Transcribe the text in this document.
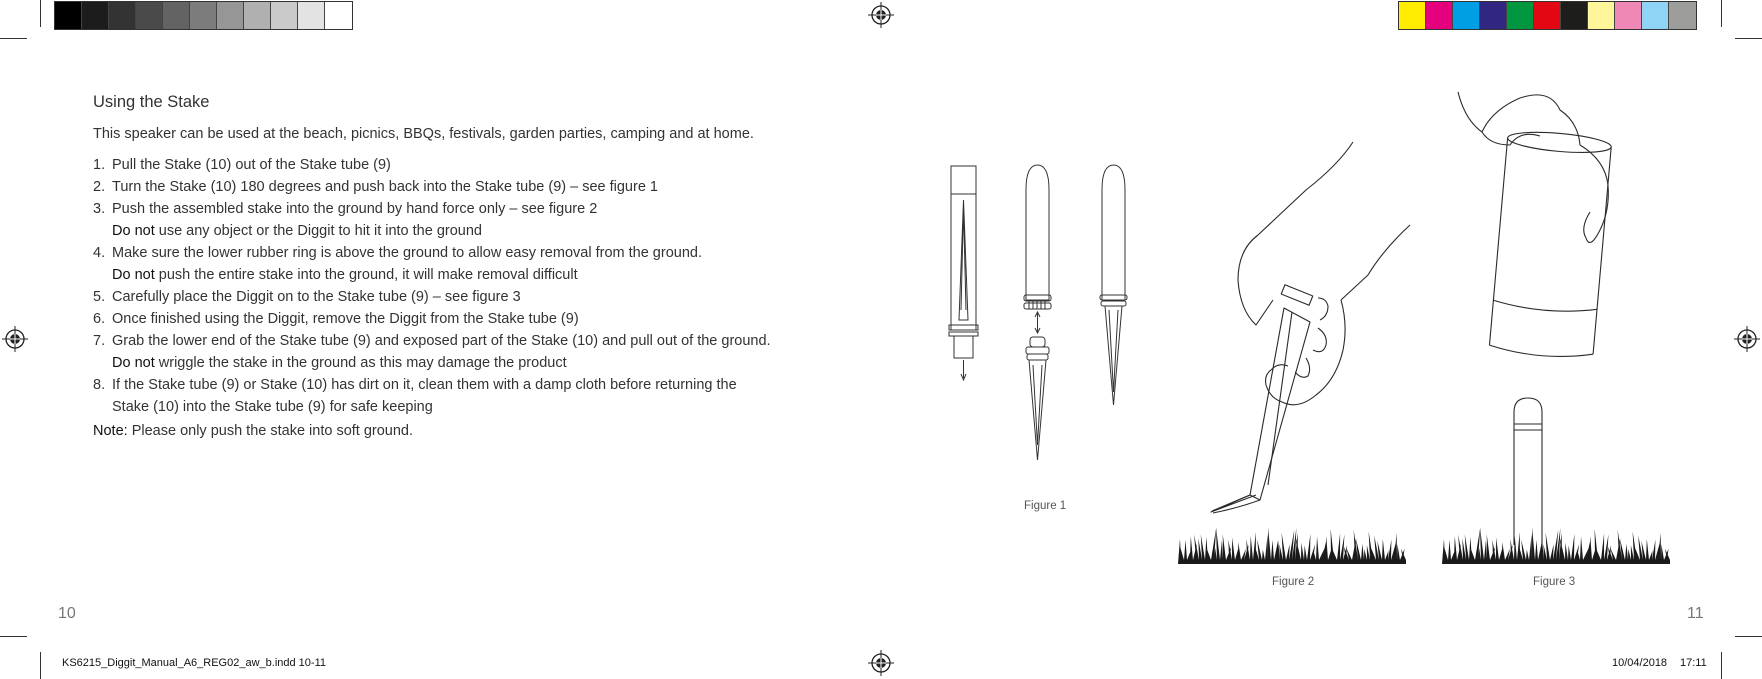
Using the Stake
This speaker can be used at the beach, picnics, BBQs, festivals, garden parties, camping and at home.
1. Pull the Stake (10) out of the Stake tube (9)
2. Turn the Stake (10) 180 degrees and push back into the Stake tube (9) – see figure 1
3. Push the assembled stake into the ground by hand force only – see figure 2
Do not use any object or the Diggit to hit it into the ground
4. Make sure the lower rubber ring is above the ground to allow easy removal from the ground.
Do not push the entire stake into the ground, it will make removal difficult
5. Carefully place the Diggit on to the Stake tube (9) – see figure 3
6. Once finished using the Diggit, remove the Diggit from the Stake tube (9)
7. Grab the lower end of the Stake tube (9) and exposed part of the Stake (10) and pull out of the ground.
Do not wriggle the stake in the ground as this may damage the product
8. If the Stake tube (9) or Stake (10) has dirt on it, clean them with a damp cloth before returning the
Stake (10) into the Stake tube (9) for safe keeping
Note: Please only push the stake into soft ground.
10	11
Figure 1
Figure 2	Figure 3
KS6215_Diggit_Manual_A6_REG02_aw_b.indd 10-11	10/04/2018 17:11
